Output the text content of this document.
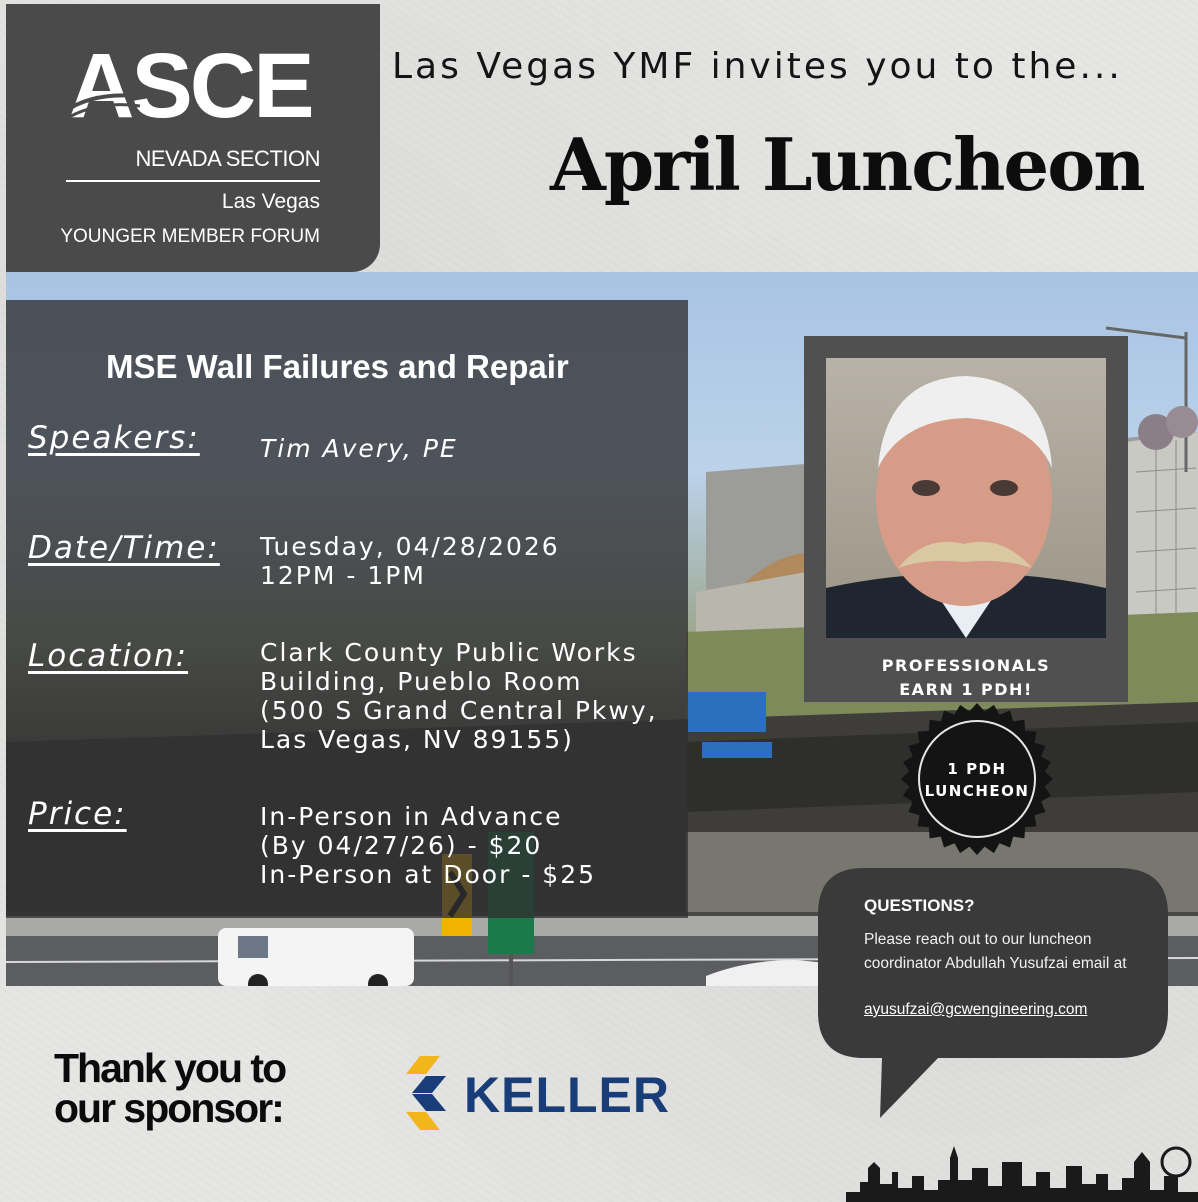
ASCE
NEVADA SECTION
Las Vegas
YOUNGER MEMBER FORUM
Las Vegas YMF invites you to the...
April Luncheon
MSE Wall Failures and Repair
Speakers: Tim Avery, PE
Date/Time: Tuesday, 04/28/2026
12PM - 1PM
Location:	Clark County Public Works
Building, Pueblo Room
(500 S Grand Central Pkwy,
Las Vegas, NV 89155)
Price:	In-Person in Advance
(By 04/27/26) - $20
In-Person at Door - $25
PROFESSIONALS
EARN 1 PDH!
1 PDH
LUNCHEON
QUESTIONS?
Please reach out to our luncheon coordinator Abdullah Yusufzai email at
ayusufzai@gcwengineering.com
Thank you to
our sponsor:	KELLER
